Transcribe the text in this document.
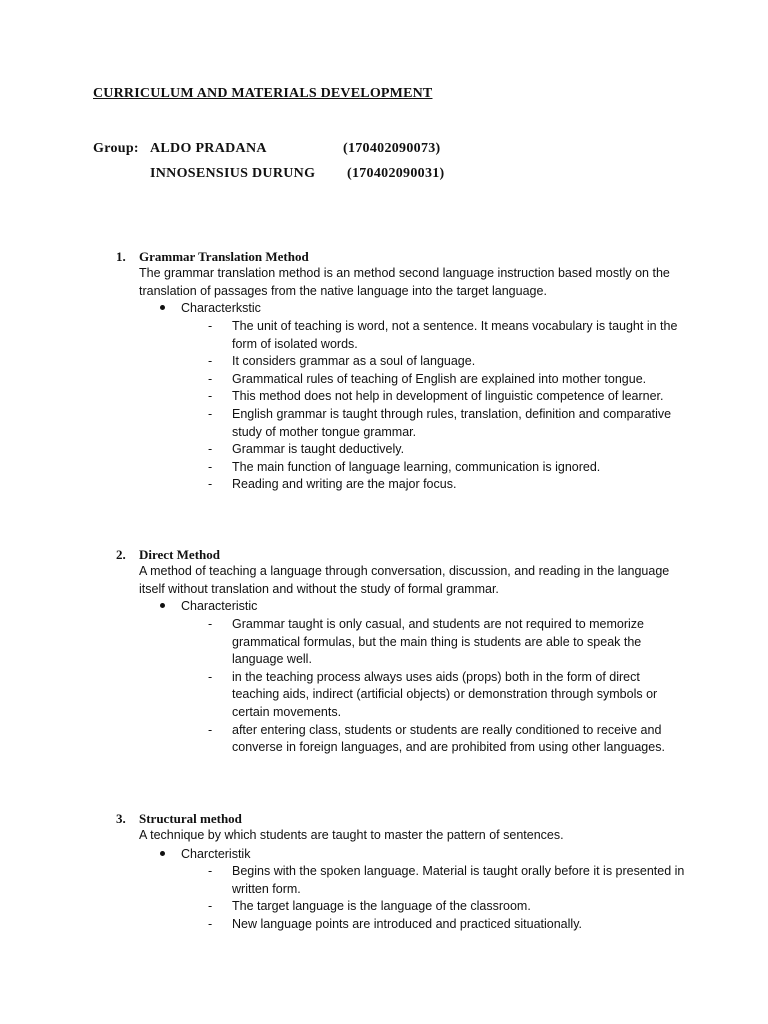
CURRICULUM AND MATERIALS DEVELOPMENT
Group: ALDO PRADANA	(170402090073)
INNOSENSIUS DURUNG (170402090031)
1. Grammar Translation Method
The grammar translation method is an method second language instruction based mostly on the translation of passages from the native language into the target language.
Characterkstic
- The unit of teaching is word, not a sentence. It means vocabulary is taught in the form of isolated words.
- It considers grammar as a soul of language.
- Grammatical rules of teaching of English are explained into mother tongue.
- This method does not help in development of linguistic competence of learner.
- English grammar is taught through rules, translation, definition and comparative study of mother tongue grammar.
- Grammar is taught deductively.
- The main function of language learning, communication is ignored.
- Reading and writing are the major focus.
2. Direct Method
A method of teaching a language through conversation, discussion, and reading in the language itself without translation and without the study of formal grammar.
Characteristic
- Grammar taught is only casual, and students are not required to memorize grammatical formulas, but the main thing is students are able to speak the language well.
- in the teaching process always uses aids (props) both in the form of direct teaching aids, indirect (artificial objects) or demonstration through symbols or certain movements.
- after entering class, students or students are really conditioned to receive and converse in foreign languages, and are prohibited from using other languages.
3. Structural method
A technique by which students are taught to master the pattern of sentences.
Charcteristik
- Begins with the spoken language. Material is taught orally before it is presented in written form.
- The target language is the language of the classroom.
- New language points are introduced and practiced situationally.
